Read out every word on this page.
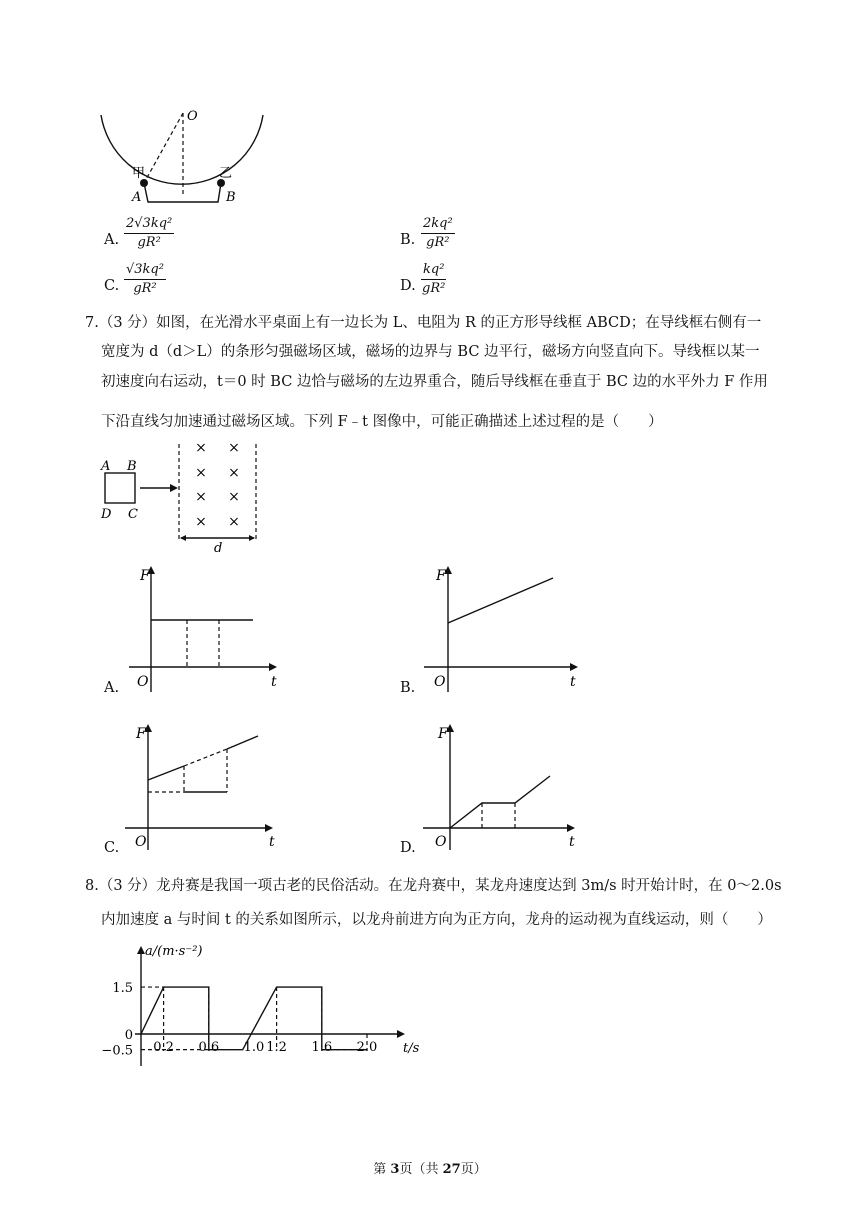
O
甲	乙
A	B
A. $\frac{\text{2√3kq²}}{\text{gR²}}$	B. $\frac{\text{2kq²}}{\text{gR²}}$
C. $\frac{\text{√3kq²}}{\text{gR²}}$	D. $\frac{\text{kq²}}{\text{gR²}}$
7.（3 分）如图，在光滑水平桌面上有一边长为 L、电阻为 R 的正方形导线框 ABCD；在导线框右侧有一
宽度为 d（d＞L）的条形匀强磁场区域，磁场的边界与 BC 边平行，磁场方向竖直向下。导线框以某一
初速度向右运动，t＝0 时 BC 边恰与磁场的左边界重合，随后导线框在垂直于 BC 边的水平外力 F 作用
下沿直线匀加速通过磁场区域。下列 F﹣t 图像中，可能正确描述上述过程的是（　　）
A B
D C
× ×
× ×
× ×
× ×
d
F
t
O
A.
F
t
O
B.
F
t
O
C.
F
t
O
D.
8.（3 分）龙舟赛是我国一项古老的民俗活动。在龙舟赛中，某龙舟速度达到 3m/s 时开始计时，在 0～2.0s
内加速度 a 与时间 t 的关系如图所示，以龙舟前进方向为正方向，龙舟的运动视为直线运动，则（　　）
a/(m·s⁻²)
t/s
1.5
0
−0.5 0.2 0.6 1.0 1.2 1.6 2.0
第 3页（共 27页）
